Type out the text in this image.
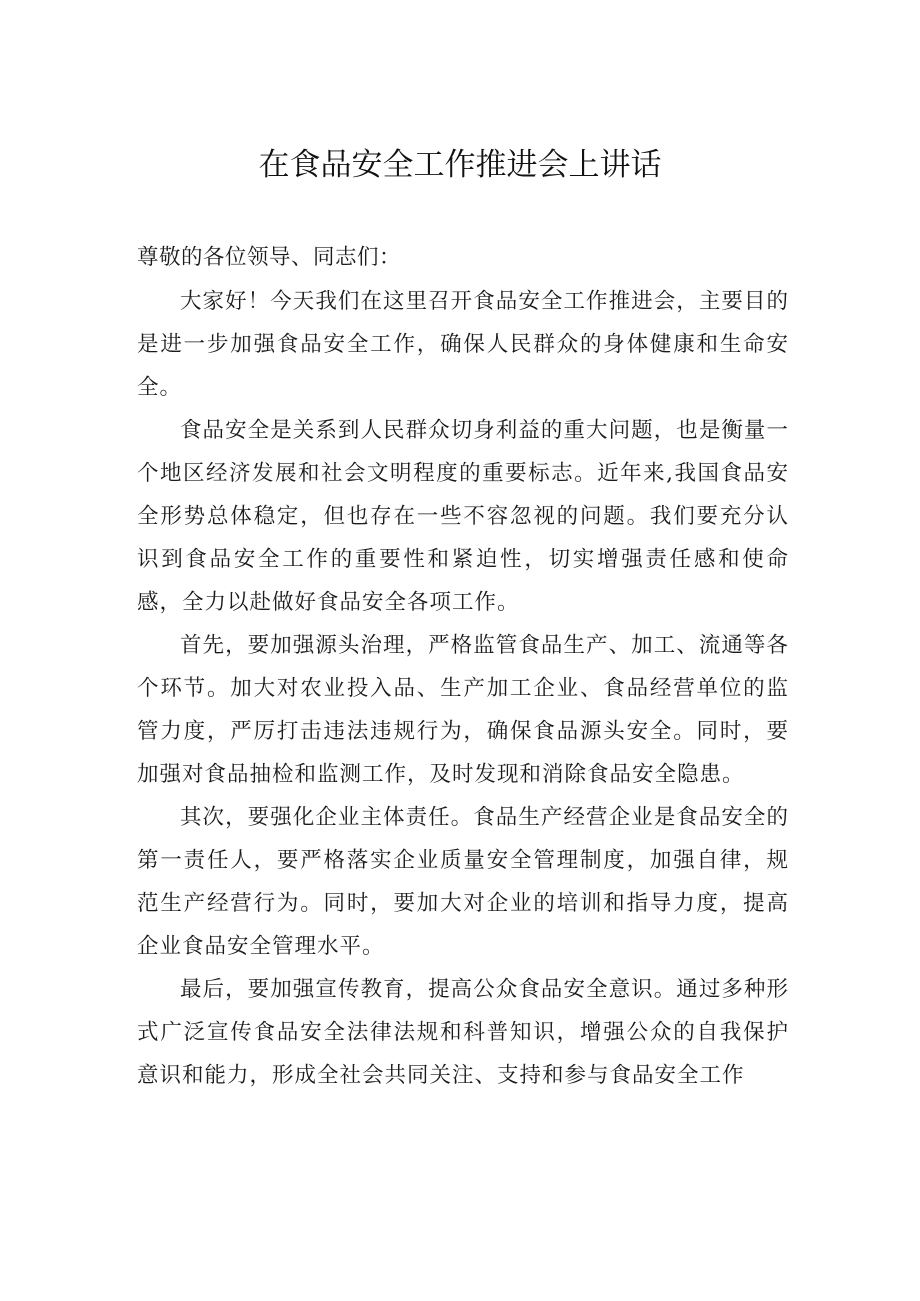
在食品安全工作推进会上讲话

尊敬的各位领导、同志们：

大家好！今天我们在这里召开食品安全工作推进会，主要目的是进一步加强食品安全工作，确保人民群众的身体健康和生命安全。

食品安全是关系到人民群众切身利益的重大问题，也是衡量一个地区经济发展和社会文明程度的重要标志。近年来,我国食品安全形势总体稳定，但也存在一些不容忽视的问题。我们要充分认识到食品安全工作的重要性和紧迫性，切实增强责任感和使命感，全力以赴做好食品安全各项工作。

首先，要加强源头治理，严格监管食品生产、加工、流通等各个环节。加大对农业投入品、生产加工企业、食品经营单位的监管力度，严厉打击违法违规行为，确保食品源头安全。同时，要加强对食品抽检和监测工作，及时发现和消除食品安全隐患。

其次，要强化企业主体责任。食品生产经营企业是食品安全的第一责任人，要严格落实企业质量安全管理制度，加强自律，规范生产经营行为。同时，要加大对企业的培训和指导力度，提高企业食品安全管理水平。

最后，要加强宣传教育，提高公众食品安全意识。通过多种形式广泛宣传食品安全法律法规和科普知识，增强公众的自我保护意识和能力，形成全社会共同关注、支持和参与食品安全工作
